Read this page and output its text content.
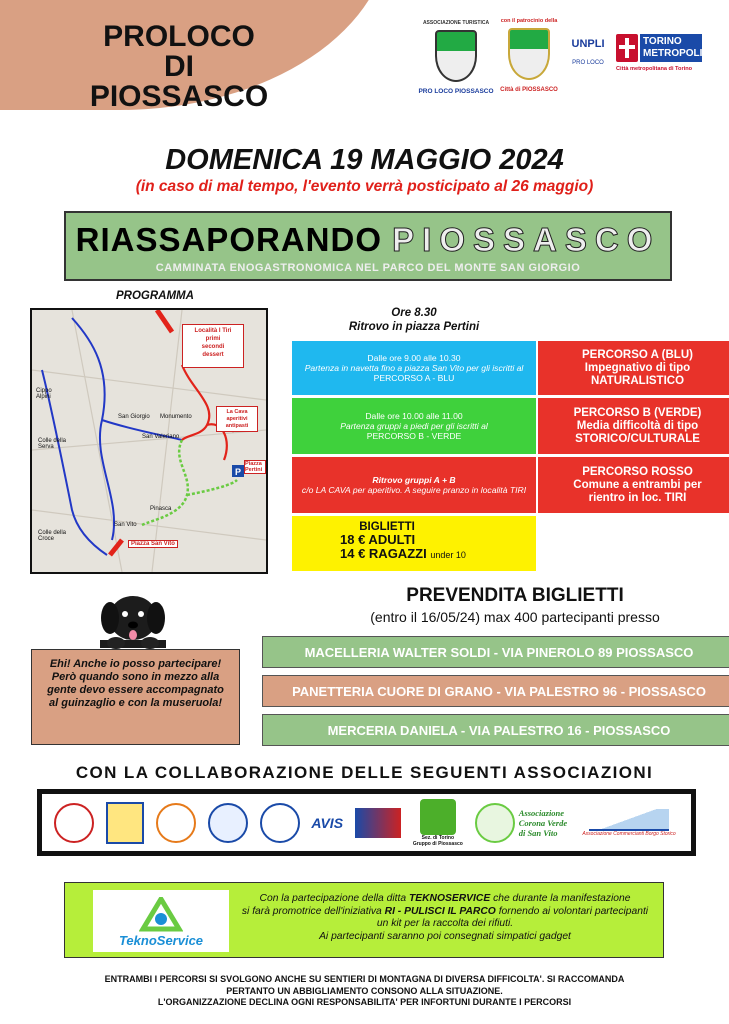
PROLOCO
DI PIOSSASCO
ASSOCIAZIONE TURISTICA
PRO LOCO PIOSSASCO
con il patrocinio della
Città di PIOSSASCO
UNPLI
PRO LOCO
TORINO
METROPOLI
Città metropolitana di Torino
DOMENICA 19 MAGGIO 2024
(in caso di mal tempo, l'evento verrà posticipato al 26 maggio)
RIASSAPORANDO PIOSSASCO
CAMMINATA ENOGASTRONOMICA NEL PARCO DEL MONTE SAN GIORGIO
PROGRAMMA
P
Località I Tiri
primi
secondi
dessert
Cippo Alpini
Colle della Serva
San Giorgio Monumento
La Cava
aperitivi
antipasti
San Valeriano
Piazza Pertini
Colle della Croce
Piazza San Vito
Pinasca
San Vito
Ore 8.30
Ritrovo in piazza Pertini
Dalle ore 9.00 alle 10.30
Partenza in navetta fino a piazza San Vito per gli iscritti al
PERCORSO A - BLU
PERCORSO A (BLU)
Impegnativo di tipo
NATURALISTICO
Dalle ore 10.00 alle 11.00
Partenza gruppi a piedi per gli iscritti al
PERCORSO B - VERDE
PERCORSO B (VERDE)
Media difficoltà di tipo
STORICO/CULTURALE
Ritrovo gruppi A + B
c/o LA CAVA per aperitivo. A seguire pranzo in località TIRI
PERCORSO ROSSO
Comune a entrambi per
rientro in loc. TIRI
BIGLIETTI
18 € ADULTI
14 € RAGAZZI under 10
PREVENDITA BIGLIETTI
(entro il 16/05/24) max 400 partecipanti presso
MACELLERIA WALTER SOLDI - VIA PINEROLO 89 PIOSSASCO
PANETTERIA CUORE DI GRANO - VIA PALESTRO 96 - PIOSSASCO
MERCERIA DANIELA - VIA PALESTRO 16 - PIOSSASCO
Ehi! Anche io posso partecipare! Però quando sono in mezzo alla gente devo essere accompagnato al guinzaglio e con la museruola!
CON LA COLLABORAZIONE DELLE SEGUENTI ASSOCIAZIONI
AVIS
Sez. di Torino
Gruppo di Piossasco
Associazione
Corona Verde
di San Vito	Associazione Commercianti Borgo Storico
TeknoService
Con la partecipazione della ditta TEKNOSERVICE che durante la manifestazione
si farà promotrice dell'iniziativa RI - PULISCI IL PARCO fornendo ai volontari partecipanti
un kit per la raccolta dei rifiuti.
Ai partecipanti saranno poi consegnati simpatici gadget
ENTRAMBI I PERCORSI SI SVOLGONO ANCHE SU SENTIERI DI MONTAGNA DI DIVERSA DIFFICOLTA'. SI RACCOMANDA
PERTANTO UN ABBIGLIAMENTO CONSONO ALLA SITUAZIONE.
L'ORGANIZZAZIONE DECLINA OGNI RESPONSABILITA' PER INFORTUNI DURANTE I PERCORSI
